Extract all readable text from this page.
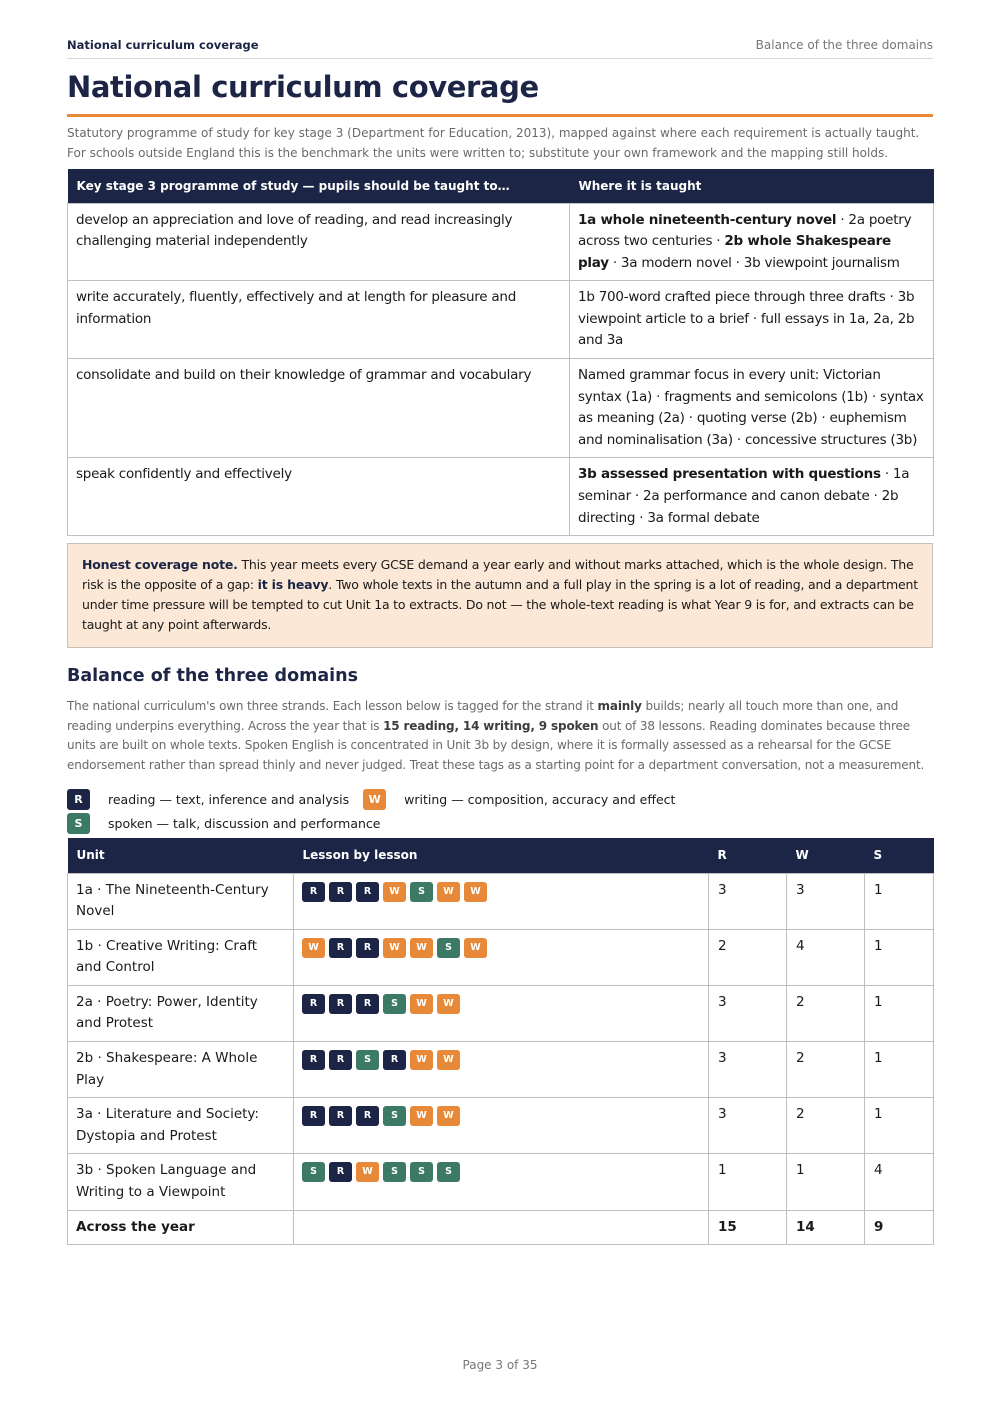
National curriculum coverage	Balance of the three domains
National curriculum coverage

Statutory programme of study for key stage 3 (Department for Education, 2013), mapped against where each requirement is actually taught. For schools outside England this is the benchmark the units were written to; substitute your own framework and the mapping still holds.

Key stage 3 programme of study — pupils should be taught to…	Where it is taught
develop an appreciation and love of reading, and read increasingly challenging material independently	1a whole nineteenth-century novel · 2a poetry across two centuries · 2b whole Shakespeare play · 3a modern novel · 3b viewpoint journalism
write accurately, fluently, effectively and at length for pleasure and information	1b 700-word crafted piece through three drafts · 3b viewpoint article to a brief · full essays in 1a, 2a, 2b and 3a
consolidate and build on their knowledge of grammar and vocabulary	Named grammar focus in every unit: Victorian syntax (1a) · fragments and semicolons (1b) · syntax as meaning (2a) · quoting verse (2b) · euphemism and nominalisation (3a) · concessive structures (3b)
speak confidently and effectively	3b assessed presentation with questions · 1a seminar · 2a performance and canon debate · 2b directing · 3a formal debate
Honest coverage note. This year meets every GCSE demand a year early and without marks attached, which is the whole design. The risk is the opposite of a gap: it is heavy. Two whole texts in the autumn and a full play in the spring is a lot of reading, and a department under time pressure will be tempted to cut Unit 1a to extracts. Do not — the whole-text reading is what Year 9 is for, and extracts can be taught at any point afterwards.
Balance of the three domains

The national curriculum's own three strands. Each lesson below is tagged for the strand it mainly builds; nearly all touch more than one, and reading underpins everything. Across the year that is 15 reading, 14 writing, 9 spoken out of 38 lessons. Reading dominates because three units are built on whole texts. Spoken English is concentrated in Unit 3b by design, where it is formally assessed as a rehearsal for the GCSE endorsement rather than spread thinly and never judged. Treat these tags as a starting point for a department conversation, not a measurement.

R reading — text, inference and analysis W writing — composition, accuracy and effectS spoken — talk, discussion and performance
Unit	Lesson by lesson	R	W	S
1a · The Nineteenth-Century Novel	R R R W S W W	3	3	1
1b · Creative Writing: Craft and Control	W R R W W S W	2	4	1
2a · Poetry: Power, Identity and Protest	R R R S W W	3	2	1
2b · Shakespeare: A Whole Play	R R S R W W	3	2	1
3a · Literature and Society: Dystopia and Protest	R R R S W W	3	2	1
3b · Spoken Language and Writing to a Viewpoint	S R W S S S	1	1	4
Across the year		15	14	9
Page 3 of 35
